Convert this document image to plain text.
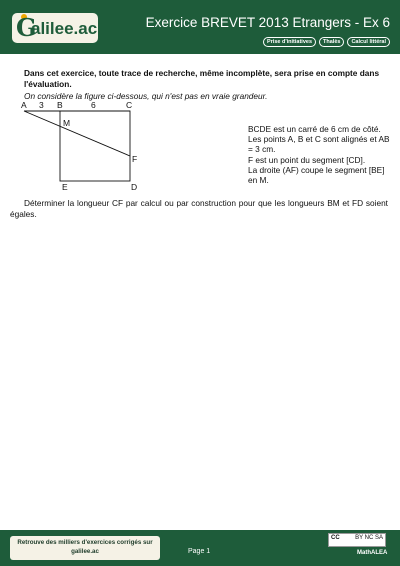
G
alilee.ac	Exercice BREVET 2013 Etrangers - Ex 6
Prise d'initiatives	Thalès	Calcul littéral
Dans cet exercice, toute trace de recherche, même incomplète, sera prise en compte dans l'évaluation.
On considère la figure ci-dessous, qui n'est pas en vraie grandeur.
A 3 B	6	C
M
F
E	D
BCDE est un carré de 6 cm de côté.
Les points A, B et C sont alignés et AB = 3 cm.
F est un point du segment [CD].
La droite (AF) coupe le segment [BE] en M.
Déterminer la longueur CF par calcul ou par construction pour que les longueurs BM et FD soient égales.
Retrouve des milliers d'exercices corrigés sur galilee.ac	Page 1
CC	BY NC SA
MathALEA
